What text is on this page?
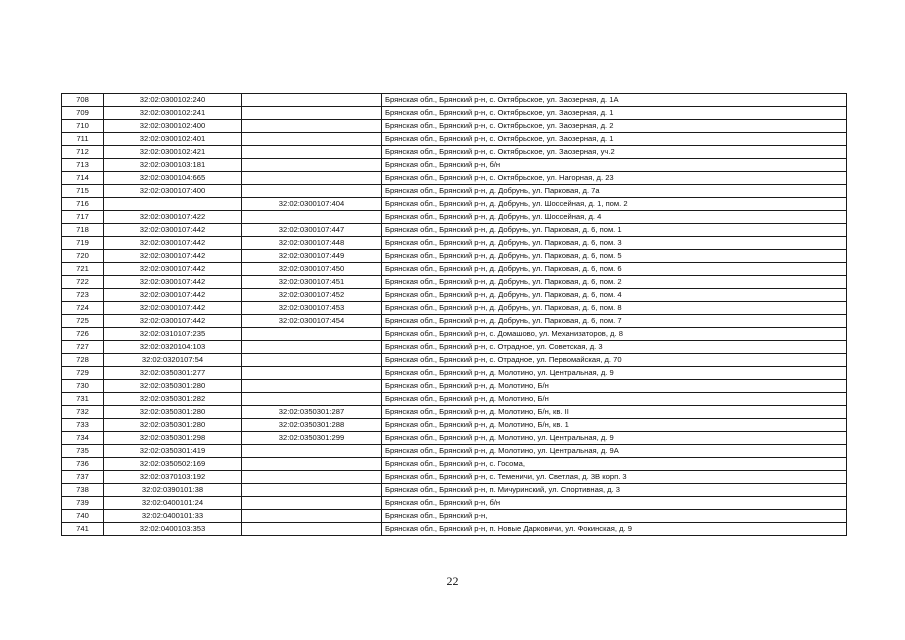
708	32:02:0300102:240		Брянская обл., Брянский р-н, с. Октябрьское, ул. Заозерная, д. 1А
709	32:02:0300102:241		Брянская обл., Брянский р-н, с. Октябрьское, ул. Заозерная, д. 1
710	32:02:0300102:400		Брянская обл., Брянский р-н, с. Октябрьское, ул. Заозерная, д. 2
711	32:02:0300102:401		Брянская обл., Брянский р-н, с. Октябрьское, ул. Заозерная, д. 1
712	32:02:0300102:421		Брянская обл., Брянский р-н, с. Октябрьское, ул. Заозерная, уч.2
713	32:02:0300103:181		Брянская обл., Брянский р-н, б/н
714	32:02:0300104:665		Брянская обл., Брянский р-н, с. Октябрьское, ул. Нагорная, д. 23
715	32:02:0300107:400		Брянская обл., Брянский р-н, д. Добрунь, ул. Парковая, д. 7а
716		32:02:0300107:404	Брянская обл., Брянский р-н, д. Добрунь, ул. Шоссейная, д. 1, пом. 2
717	32:02:0300107:422		Брянская обл., Брянский р-н, д. Добрунь, ул. Шоссейная, д. 4
718	32:02:0300107:442	32:02:0300107:447	Брянская обл., Брянский р-н, д. Добрунь, ул. Парковая, д. 6, пом. 1
719	32:02:0300107:442	32:02:0300107:448	Брянская обл., Брянский р-н, д. Добрунь, ул. Парковая, д. 6, пом. 3
720	32:02:0300107:442	32:02:0300107:449	Брянская обл., Брянский р-н, д. Добрунь, ул. Парковая, д. 6, пом. 5
721	32:02:0300107:442	32:02:0300107:450	Брянская обл., Брянский р-н, д. Добрунь, ул. Парковая, д. 6, пом. 6
722	32:02:0300107:442	32:02:0300107:451	Брянская обл., Брянский р-н, д. Добрунь, ул. Парковая, д. 6, пом. 2
723	32:02:0300107:442	32:02:0300107:452	Брянская обл., Брянский р-н, д. Добрунь, ул. Парковая, д. 6, пом. 4
724	32:02:0300107:442	32:02:0300107:453	Брянская обл., Брянский р-н, д. Добрунь, ул. Парковая, д. 6, пом. 8
725	32:02:0300107:442	32:02:0300107:454	Брянская обл., Брянский р-н, д. Добрунь, ул. Парковая, д. 6, пом. 7
726	32:02:0310107:235		Брянская обл., Брянский р-н, с. Домашово, ул. Механизаторов, д. 8
727	32:02:0320104:103		Брянская обл., Брянский р-н, с. Отрадное, ул. Советская, д. 3
728	32:02:0320107:54		Брянская обл., Брянский р-н, с. Отрадное, ул. Первомайская, д. 70
729	32:02:0350301:277		Брянская обл., Брянский р-н, д. Молотино, ул. Центральная, д. 9
730	32:02:0350301:280		Брянская обл., Брянский р-н, д. Молотино, Б/н
731	32:02:0350301:282		Брянская обл., Брянский р-н, д. Молотино, Б/н
732	32:02:0350301:280	32:02:0350301:287	Брянская обл., Брянский р-н, д. Молотино, Б/н, кв. II
733	32:02:0350301:280	32:02:0350301:288	Брянская обл., Брянский р-н, д. Молотино, Б/н, кв. 1
734	32:02:0350301:298	32:02:0350301:299	Брянская обл., Брянский р-н, д. Молотино, ул. Центральная, д. 9
735	32:02:0350301:419		Брянская обл., Брянский р-н, д. Молотино, ул. Центральная, д. 9А
736	32:02:0350502:169		Брянская обл., Брянский р-н, с. Госома,
737	32:02:0370103:192		Брянская обл., Брянский р-н, с. Теменичи, ул. Светлая, д. 3В корп. 3
738	32:02:0390101:38		Брянская обл., Брянский р-н, п. Мичуринский, ул. Спортивная, д. 3
739	32:02:0400101:24		Брянская обл., Брянский р-н, б/н
740	32:02:0400101:33		Брянская обл., Брянский р-н,
741	32:02:0400103:353		Брянская обл., Брянский р-н, п. Новые Дарковичи, ул. Фокинская, д. 9
22
